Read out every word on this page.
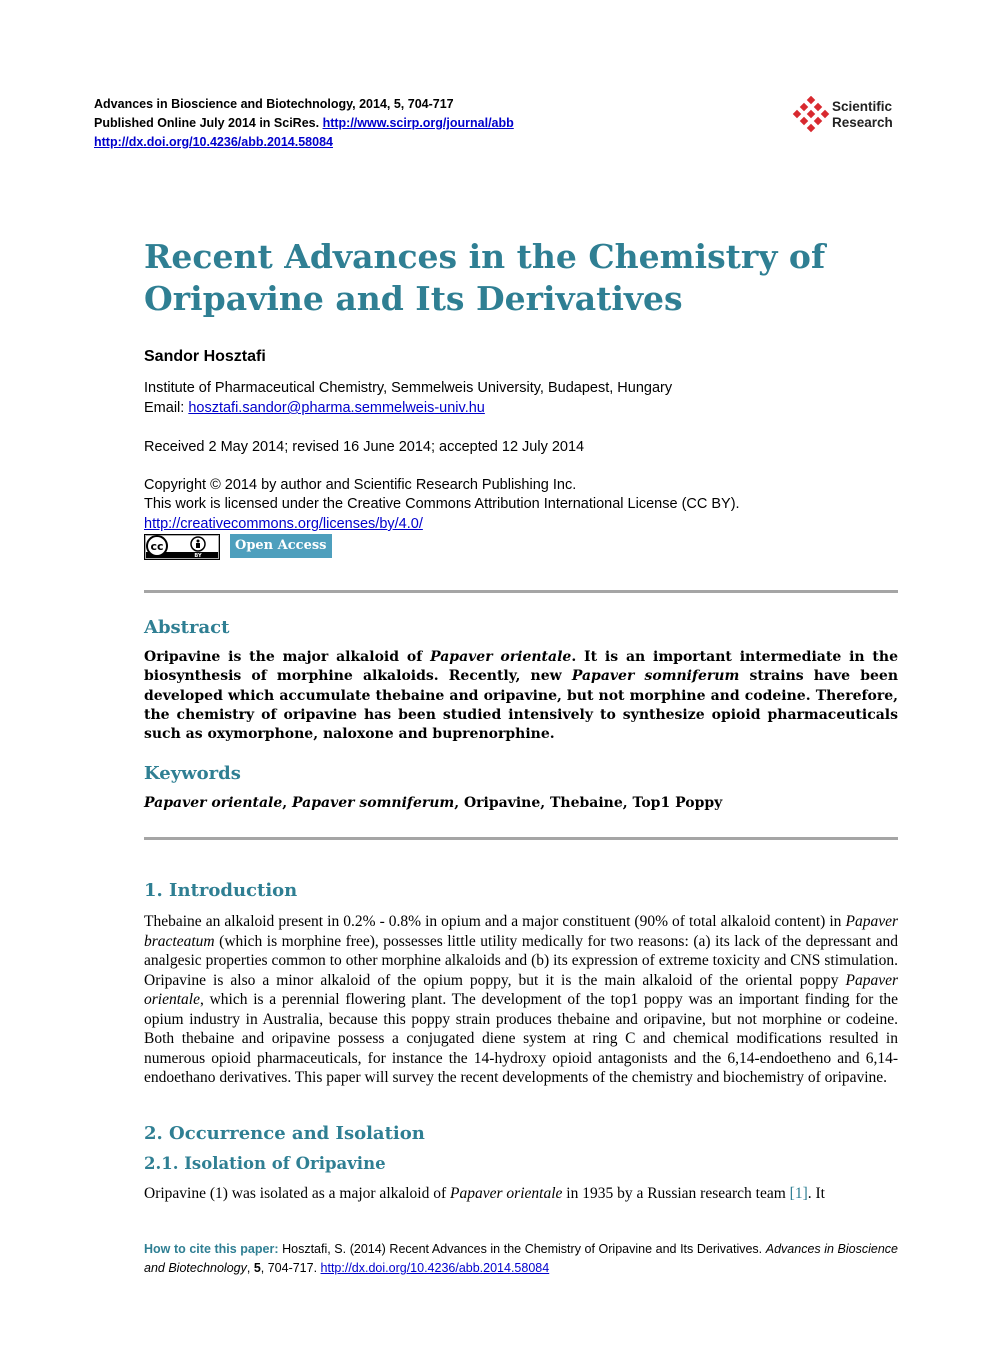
Advances in Bioscience and Biotechnology, 2014, 5, 704-717
Published Online July 2014 in SciRes. http://www.scirp.org/journal/abb
http://dx.doi.org/10.4236/abb.2014.58084
Scientific
Research
Recent Advances in the Chemistry of
Oripavine and Its Derivatives
Sandor Hosztafi
Institute of Pharmaceutical Chemistry, Semmelweis University, Budapest, Hungary
Email: hosztafi.sandor@pharma.semmelweis-univ.hu
Received 2 May 2014; revised 16 June 2014; accepted 12 July 2014
Copyright © 2014 by author and Scientific Research Publishing Inc.
This work is licensed under the Creative Commons Attribution International License (CC BY).
http://creativecommons.org/licenses/by/4.0/
cc
BY
Open Access
Abstract

Oripavine is the major alkaloid of Papaver orientale. It is an important intermediate in the biosynthesis of morphine alkaloids. Recently, new Papaver somniferum strains have been developed which accumulate thebaine and oripavine, but not morphine and codeine. Therefore, the chemistry of oripavine has been studied intensively to synthesize opioid pharmaceuticals such as oxymorphone, naloxone and buprenorphine.

Keywords

Papaver orientale, Papaver somniferum, Oripavine, Thebaine, Top1 Poppy

1. Introduction

Thebaine an alkaloid present in 0.2% - 0.8% in opium and a major constituent (90% of total alkaloid content) in Papaver bracteatum (which is morphine free), possesses little utility medically for two reasons: (a) its lack of the depressant and analgesic properties common to other morphine alkaloids and (b) its expression of extreme toxicity and CNS stimulation. Oripavine is also a minor alkaloid of the opium poppy, but it is the main alkaloid of the oriental poppy Papaver orientale, which is a perennial flowering plant. The development of the top1 poppy was an important finding for the opium industry in Australia, because this poppy strain produces thebaine and oripavine, but not morphine or codeine. Both thebaine and oripavine possess a conjugated diene system at ring C and chemical modifications resulted in numerous opioid pharmaceuticals, for instance the 14-hydroxy opioid antagonists and the 6,14-endoetheno and 6,14-endoethano derivatives. This paper will survey the recent developments of the chemistry and biochemistry of oripavine.

2. Occurrence and Isolation
2.1. Isolation of Oripavine

Oripavine (1) was isolated as a major alkaloid of Papaver orientale in 1935 by a Russian research team [1]. It

How to cite this paper: Hosztafi, S. (2014) Recent Advances in the Chemistry of Oripavine and Its Derivatives. Advances in Bioscience and Biotechnology, 5, 704-717. http://dx.doi.org/10.4236/abb.2014.58084
